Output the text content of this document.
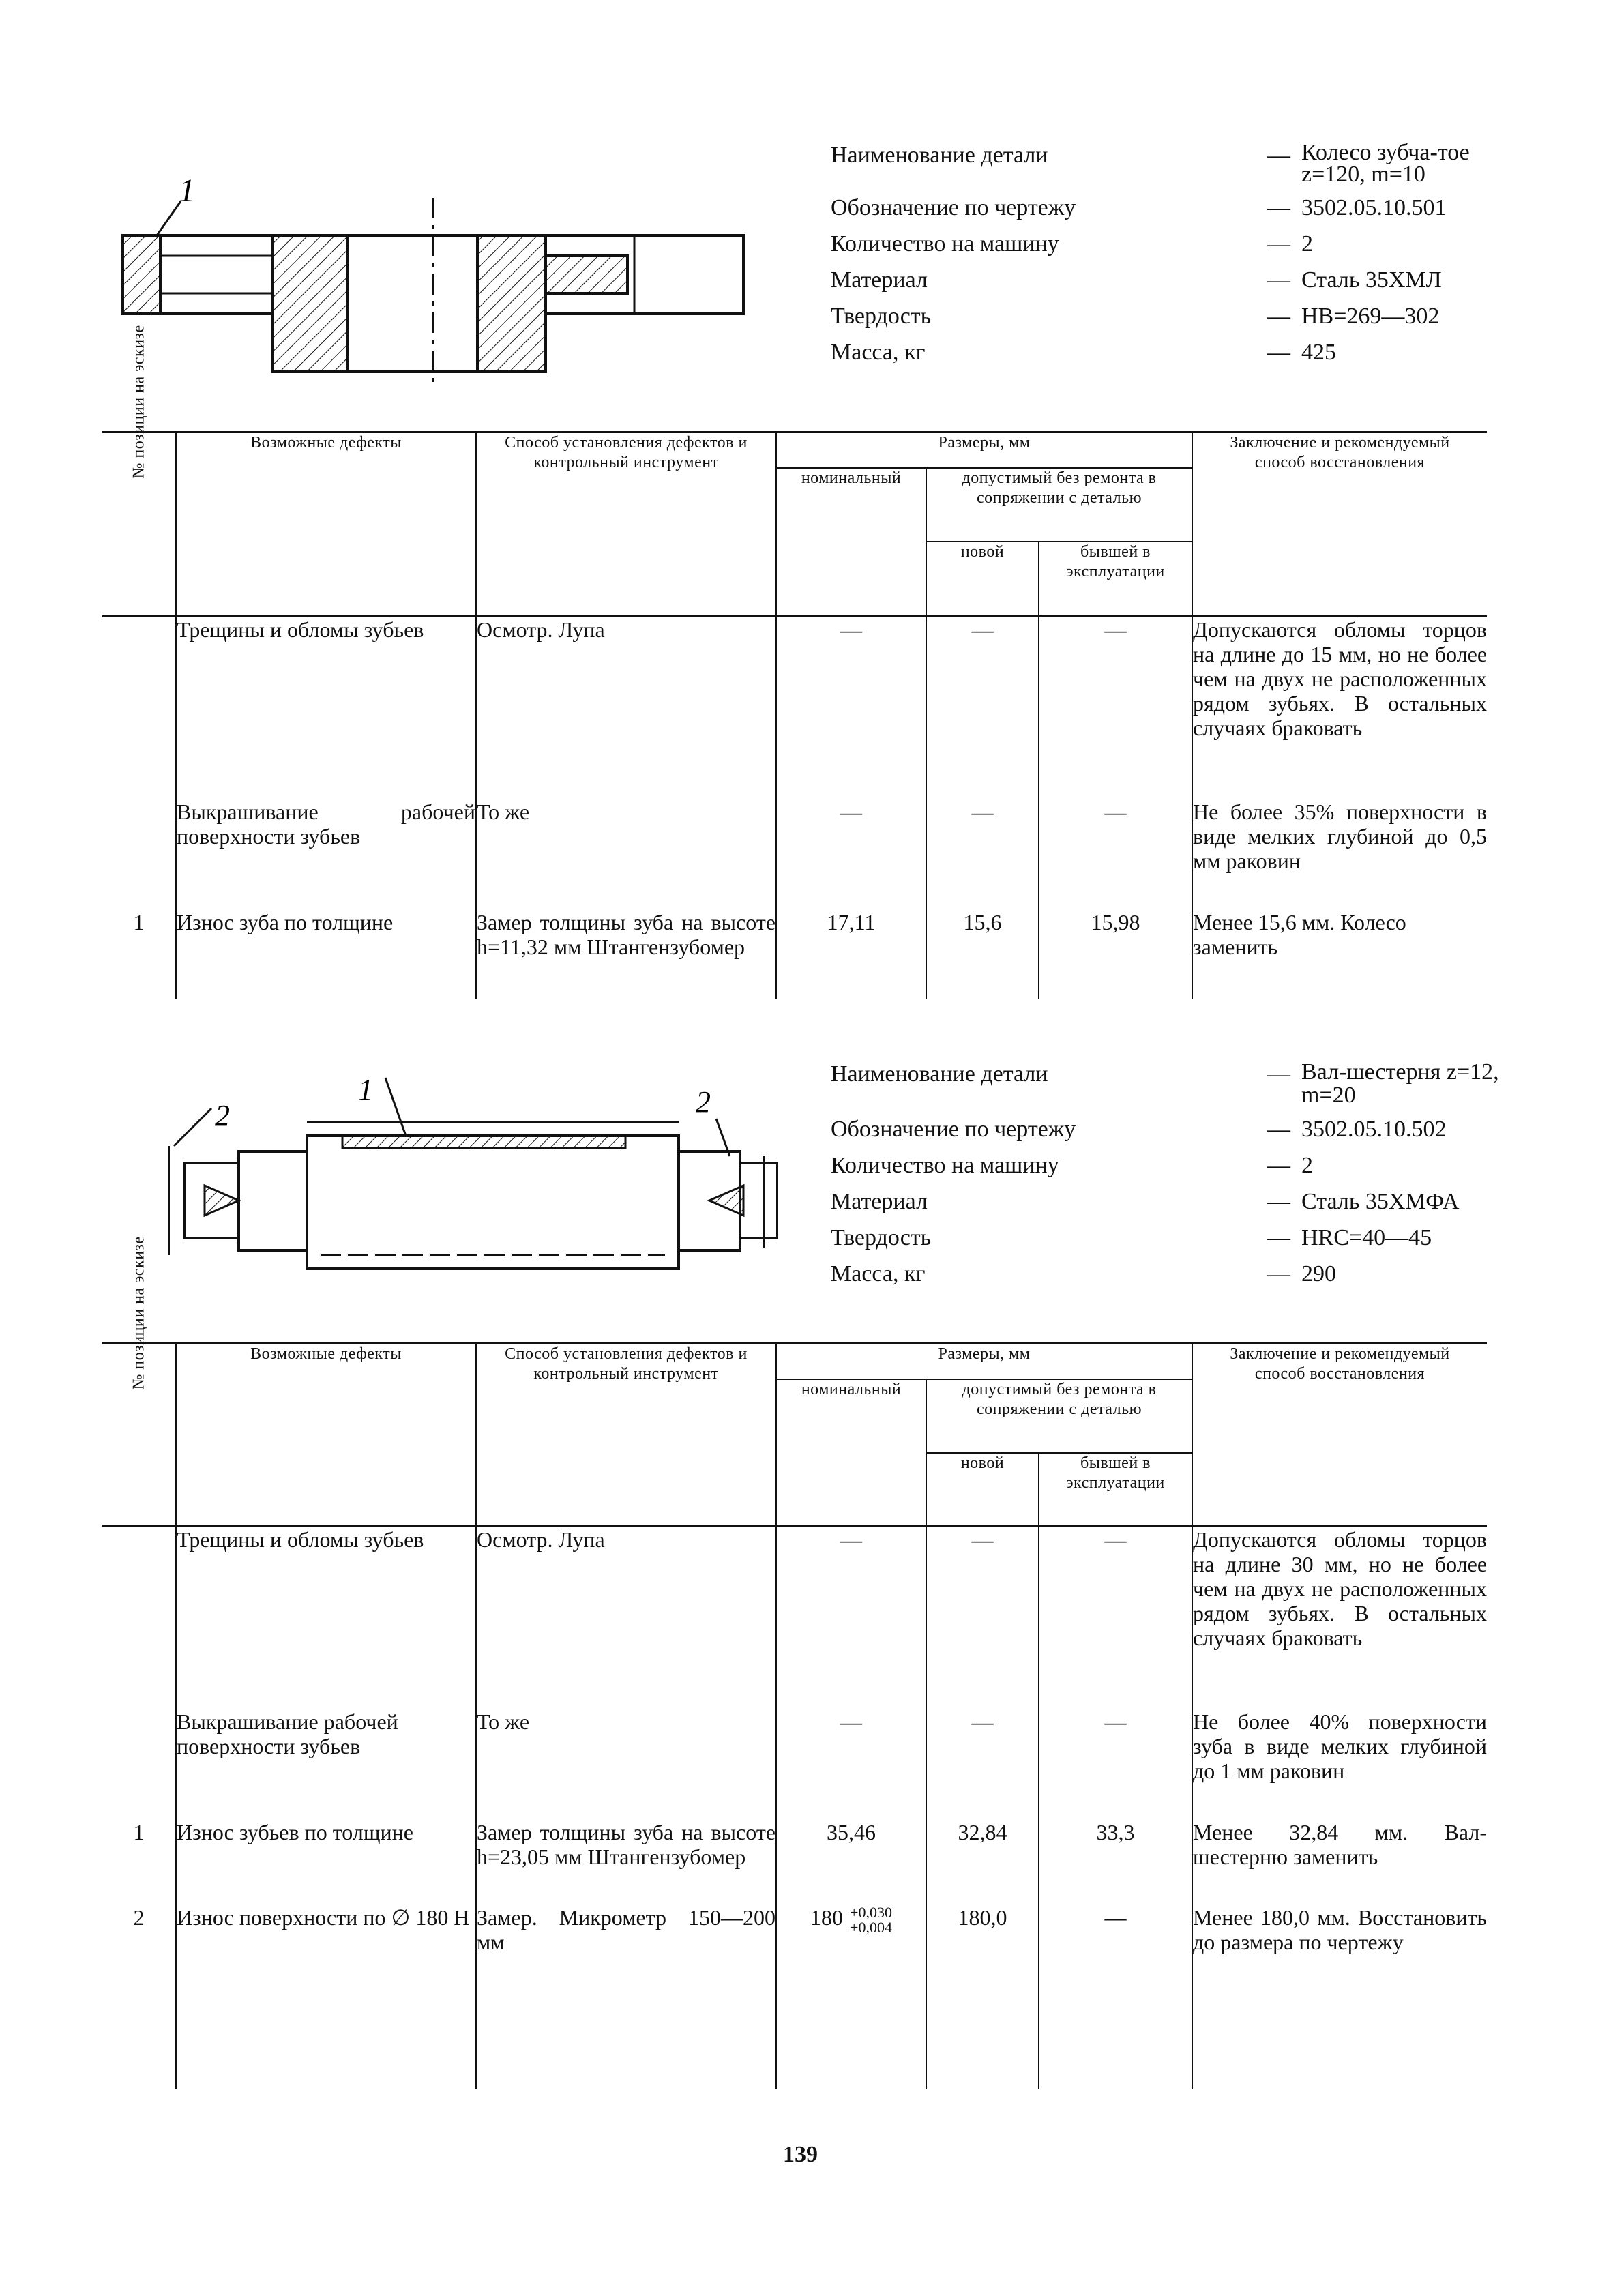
1
Наименование детали	— Колесо зубча-тое z=120, m=10
Обозначение по чертежу	— 3502.05.10.501
Количество на машину	— 2
Материал	— Сталь 35ХМЛ
Твердость	— НВ=269—302
Масса, кг	— 425
№ позиции на эскизе	Возможные дефекты	Способ установления дефектов и контрольный инструмент	Размеры, мм			Заключение и рекомендуемый способ восстановления
			номинальный	допустимый без ремонта в сопряжении с деталью		
				новой	бывшей в эксплуатации	
	Трещины и обломы зубьев	Осмотр. Лупа	—	—	—	Допускаются обломы торцов на длине до 15 мм, но не более чем на двух не расположенных рядом зубьях. В остальных случаях браковать
	Выкрашивание рабочей поверхности зубьев	То же	—	—	—	Не более 35% поверхности в виде мелких глубиной до 0,5 мм раковин
1	Износ зуба по толщине	Замер толщины зуба на высоте h=11,32 мм Штангензубомер	17,11	15,6	15,98	Менее 15,6 мм. Колесо заменить
1
2	2
Наименование детали	— Вал-шестерня z=12, m=20
Обозначение по чертежу	— 3502.05.10.502
Количество на машину	— 2
Материал	— Сталь 35ХМФА
Твердость	— HRC=40—45
Масса, кг	— 290
№ позиции на эскизе	Возможные дефекты	Способ установления дефектов и контрольный инструмент	Размеры, мм			Заключение и рекомендуемый способ восстановления
			номинальный	допустимый без ремонта в сопряжении с деталью		
				новой	бывшей в эксплуатации	
	Трещины и обломы зубьев	Осмотр. Лупа	—	—	—	Допускаются обломы торцов на длине 30 мм, но не более чем на двух не расположенных рядом зубьях. В остальных случаях браковать
	Выкрашивание рабочей поверхности зубьев	То же	—	—	—	Не более 40% поверхности зуба в виде мелких глубиной до 1 мм раковин
1	Износ зубьев по толщине	Замер толщины зуба на высоте h=23,05 мм Штангензубомер	35,46	32,84	33,3	Менее 32,84 мм. Вал-шестерню заменить
2	Износ поверхности по ∅ 180 Н	Замер. Микрометр 150—200 мм	180 +0,030
+0,004	180,0	—	Менее 180,0 мм. Восстановить до размера по чертежу
139
